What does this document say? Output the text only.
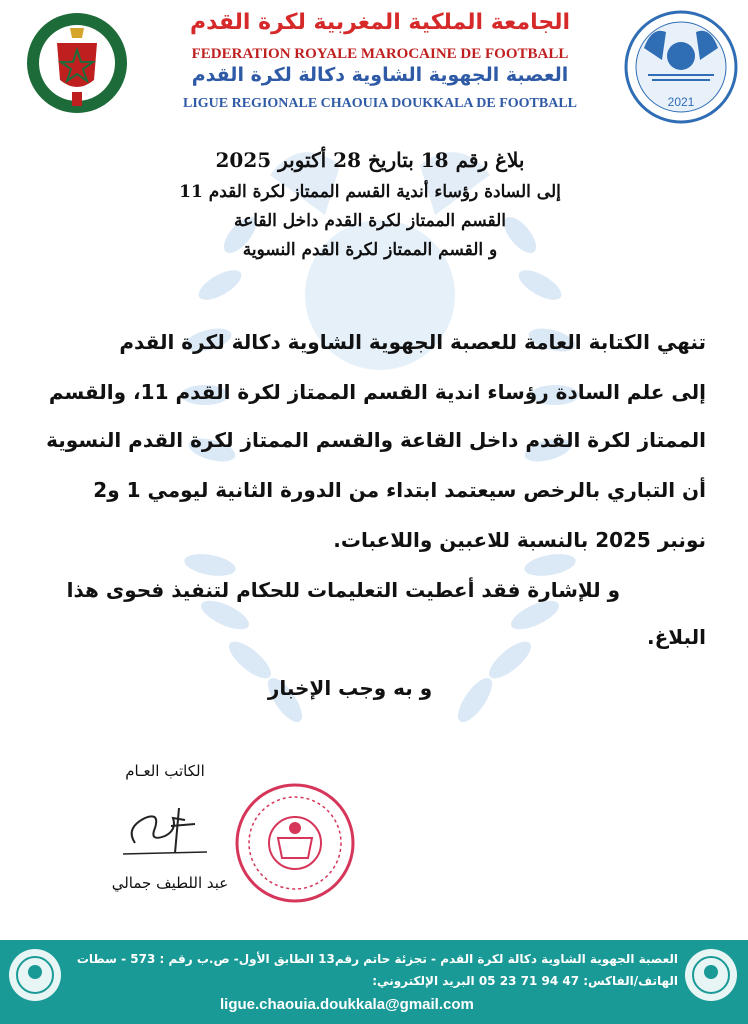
2021
الجامعة الملكية المغربية لكرة القدم
FEDERATION ROYALE MAROCAINE DE FOOTBALL
العصبة الجهوية الشاوية دكالة لكرة القدم
LIGUE REGIONALE CHAOUIA DOUKKALA DE FOOTBALL
بلاغ رقم 18 بتاريخ 28 أكتوبر 2025
إلى السادة رؤساء أندية القسم الممتاز لكرة القدم 11
القسم الممتاز لكرة القدم داخل القاعة
و القسم الممتاز لكرة القدم النسوية
تنهي الكتابة العامة للعصبة الجهوية الشاوية دكالة لكرة القدم
إلى علم السادة رؤساء اندية القسم الممتاز لكرة القدم 11، والقسم
الممتاز لكرة القدم داخل القاعة والقسم الممتاز لكرة القدم النسوية
أن التباري بالرخص سيعتمد ابتداء من الدورة الثانية ليومي 1 و2
نونبر 2025 بالنسبة للاعبين واللاعبات.
و للإشارة فقد أعطيت التعليمات للحكام لتنفيذ فحوى هذا
البلاغ.
و به وجب الإخبار
الكاتب العـام
عبد اللطيف جمالي
العصبة الجهوية الشاوية دكالة لكرة القدم - تجزئة حاتم رقم13 الطابق الأول- ص.ب رقم : 573 - سطات
الهاتف/الفاكس: 47 94 71 23 05 البريد الإلكتروني:
ligue.chaouia.doukkala@gmail.com
